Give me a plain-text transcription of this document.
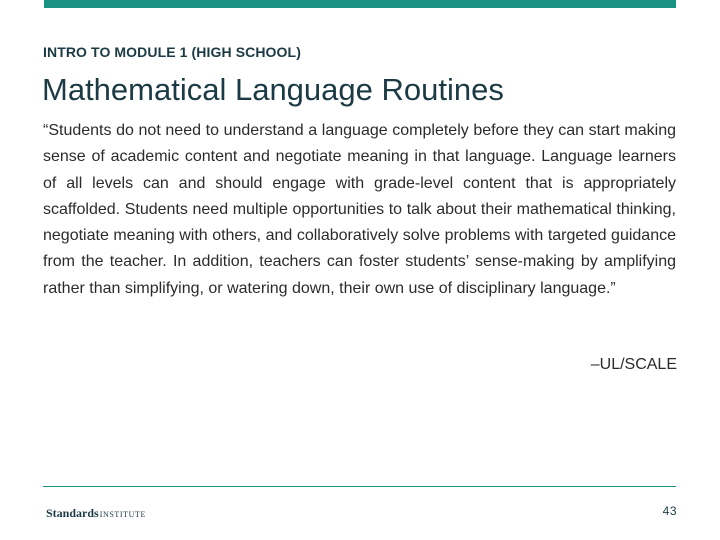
INTRO TO MODULE 1 (HIGH SCHOOL)
Mathematical Language Routines

“Students do not need to understand a language completely before they can start making sense of academic content and negotiate meaning in that language. Language learners of all levels can and should engage with grade-level content that is appropriately scaffolded. Students need multiple opportunities to talk about their mathematical thinking, negotiate meaning with others, and collaboratively solve problems with targeted guidance from the teacher. In addition, teachers can foster students’ sense-making by amplifying rather than simplifying, or watering down, their own use of disciplinary language.”

–UL/SCALE
StandardsINSTITUTE	43
